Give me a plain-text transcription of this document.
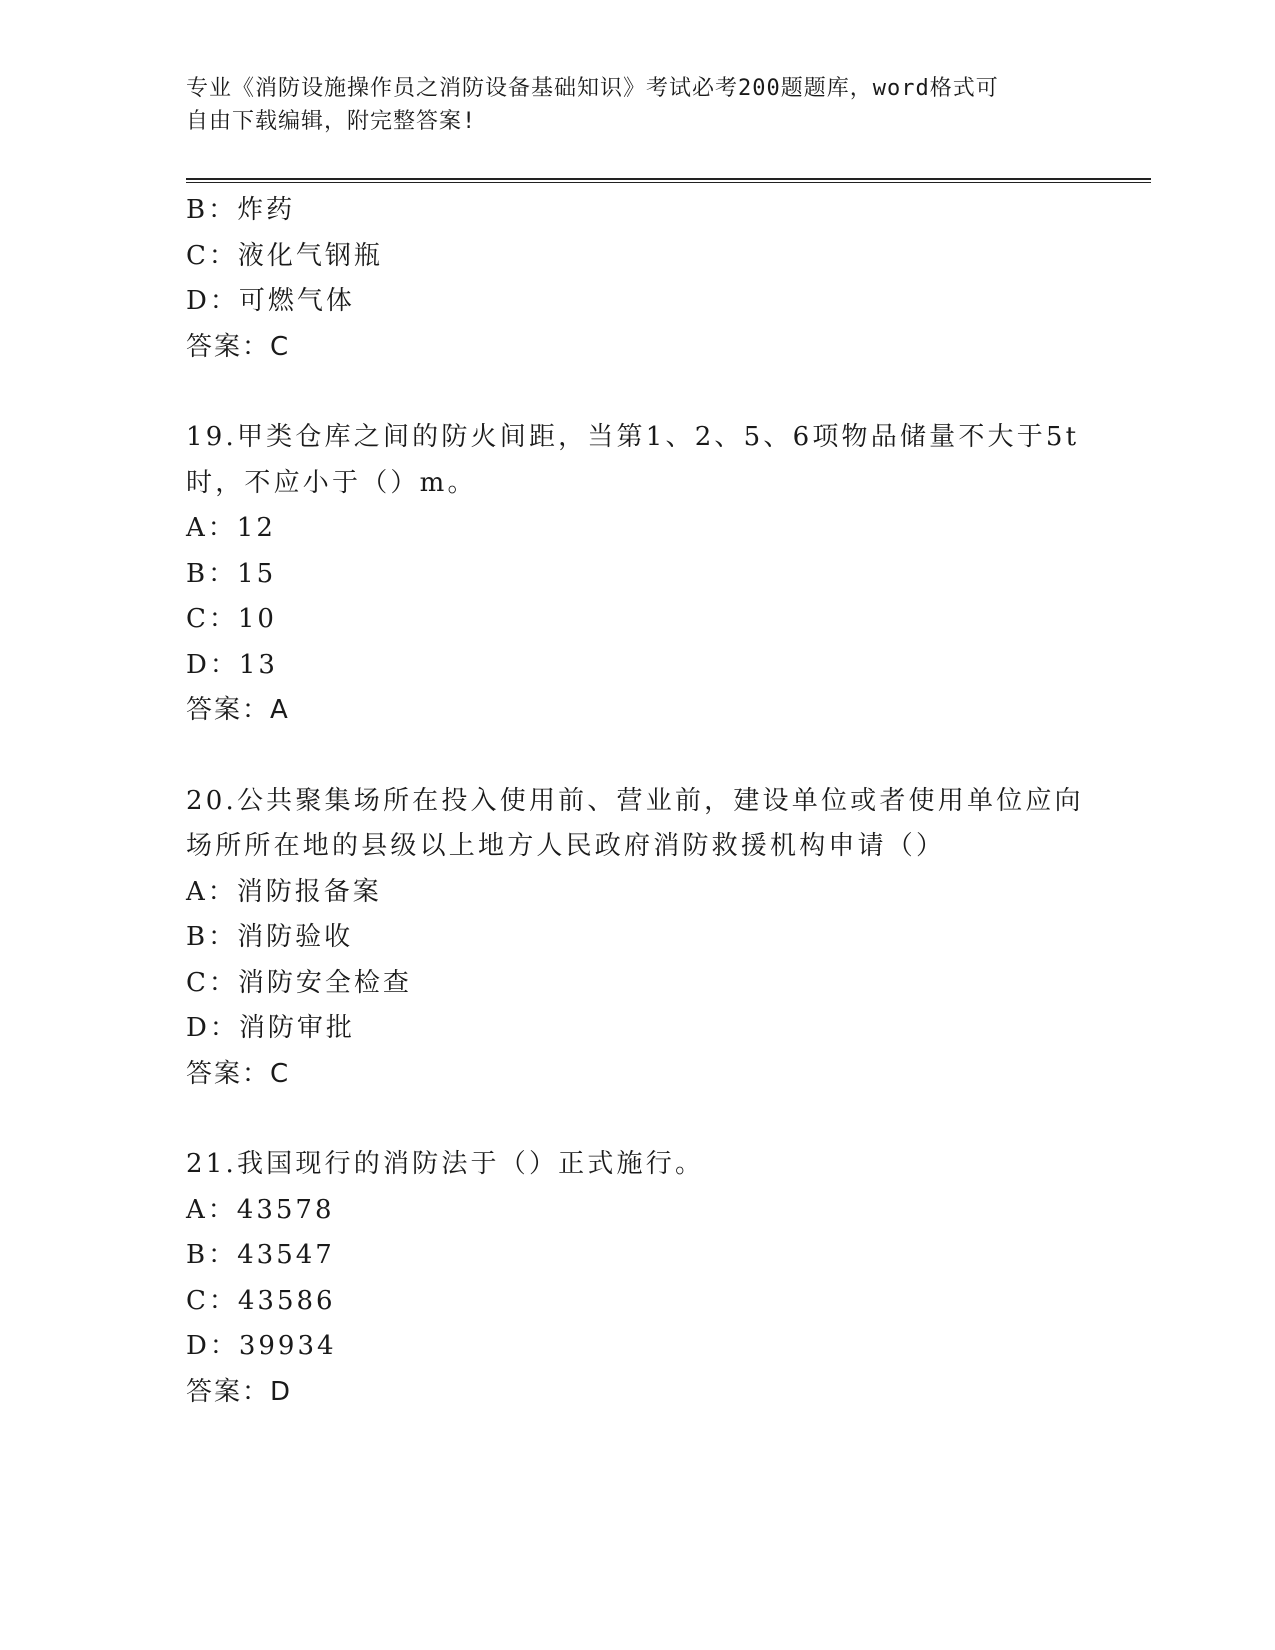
专业《消防设施操作员之消防设备基础知识》考试必考200题题库，word格式可
自由下载编辑，附完整答案!
B：炸药
C：液化气钢瓶
D：可燃气体
答案：C
19.甲类仓库之间的防火间距，当第1、2、5、6项物品储量不大于5t时，不应小于（）m。
A：12
B：15
C：10
D：13
答案：A
20.公共聚集场所在投入使用前、营业前，建设单位或者使用单位应向场所所在地的县级以上地方人民政府消防救援机构申请（）
A：消防报备案
B：消防验收
C：消防安全检查
D：消防审批
答案：C
21.我国现行的消防法于（）正式施行。
A：43578
B：43547
C：43586
D：39934
答案：D
